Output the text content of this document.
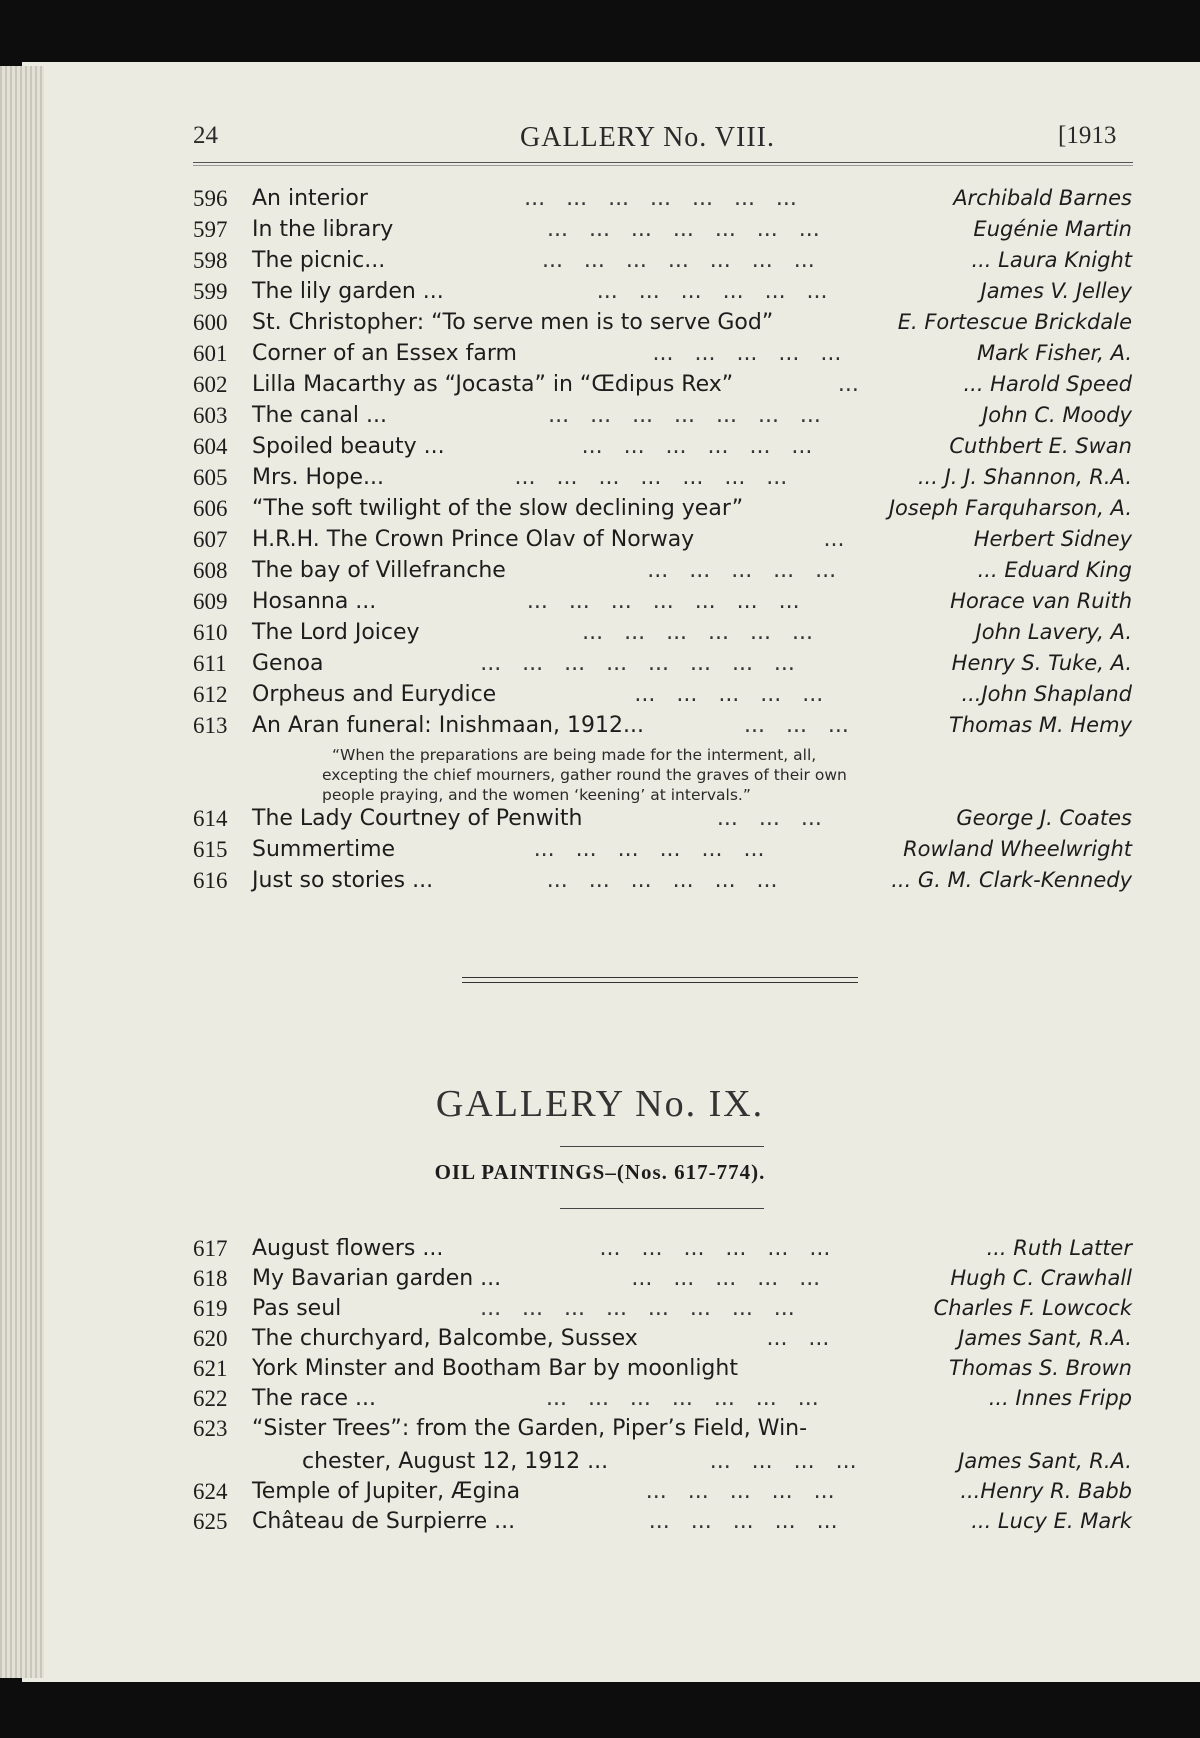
24	GALLERY No. VIII.	[1913
596 An interior	...   ...   ...   ...   ...   ...   ...	Archibald Barnes
597 In the library	...   ...   ...   ...   ...   ...   ...	Eugénie Martin
598 The picnic...	...   ...   ...   ...   ...   ...   ...	... Laura Knight
599 The lily garden ...	...   ...   ...   ...   ...   ...	James V. Jelley
600 St. Christopher: “To serve men is to serve God”	E. Fortescue Brickdale
601 Corner of an Essex farm	...   ...   ...   ...   ...	Mark Fisher, A.
602 Lilla Macarthy as “Jocasta” in “Œdipus Rex”	...	... Harold Speed
603 The canal ...	...   ...   ...   ...   ...   ...   ...	John C. Moody
604 Spoiled beauty ...	...   ...   ...   ...   ...   ...	Cuthbert E. Swan
605 Mrs. Hope...	...   ...   ...   ...   ...   ...   ...	... J. J. Shannon, R.A.
606 “The soft twilight of the slow declining year”	Joseph Farquharson, A.
607 H.R.H. The Crown Prince Olav of Norway	...	Herbert Sidney
608 The bay of Villefranche	...   ...   ...   ...   ...	... Eduard King
609 Hosanna ...	...   ...   ...   ...   ...   ...   ...	Horace van Ruith
610 The Lord Joicey	...   ...   ...   ...   ...   ...	John Lavery, A.
611 Genoa	...   ...   ...   ...   ...   ...   ...   ...	Henry S. Tuke, A.
612 Orpheus and Eurydice	...   ...   ...   ...   ...	...John Shapland
613 An Aran funeral: Inishmaan, 1912...	...   ...   ...	Thomas M. Hemy
614 The Lady Courtney of Penwith	...   ...   ...	George J. Coates
615 Summertime	...   ...   ...   ...   ...   ...	Rowland Wheelwright
616 Just so stories ...	...   ...   ...   ...   ...   ...	... G. M. Clark-Kennedy
“When the preparations are being made for the interment, all,
excepting the chief mourners, gather round the graves of their own
people praying, and the women ‘keening’ at intervals.”
GALLERY No. IX.
OIL PAINTINGS–(Nos. 617-774).
617 August flowers ...	...   ...   ...   ...   ...   ...	... Ruth Latter
618 My Bavarian garden ...	...   ...   ...   ...   ...	Hugh C. Crawhall
619 Pas seul	...   ...   ...   ...   ...   ...   ...   ...	Charles F. Lowcock
620 The churchyard, Balcombe, Sussex	...   ...	James Sant, R.A.
621 York Minster and Bootham Bar by moonlight	Thomas S. Brown
622 The race ...	...   ...   ...   ...   ...   ...   ...	... Innes Fripp
623 “Sister Trees”: from the Garden, Piper’s Field, Win-
chester, August 12, 1912 ...	...   ...   ...   ...	James Sant, R.A.
624 Temple of Jupiter, Ægina	...   ...   ...   ...   ...	...Henry R. Babb
625 Château de Surpierre ...	...   ...   ...   ...   ...	... Lucy E. Mark
